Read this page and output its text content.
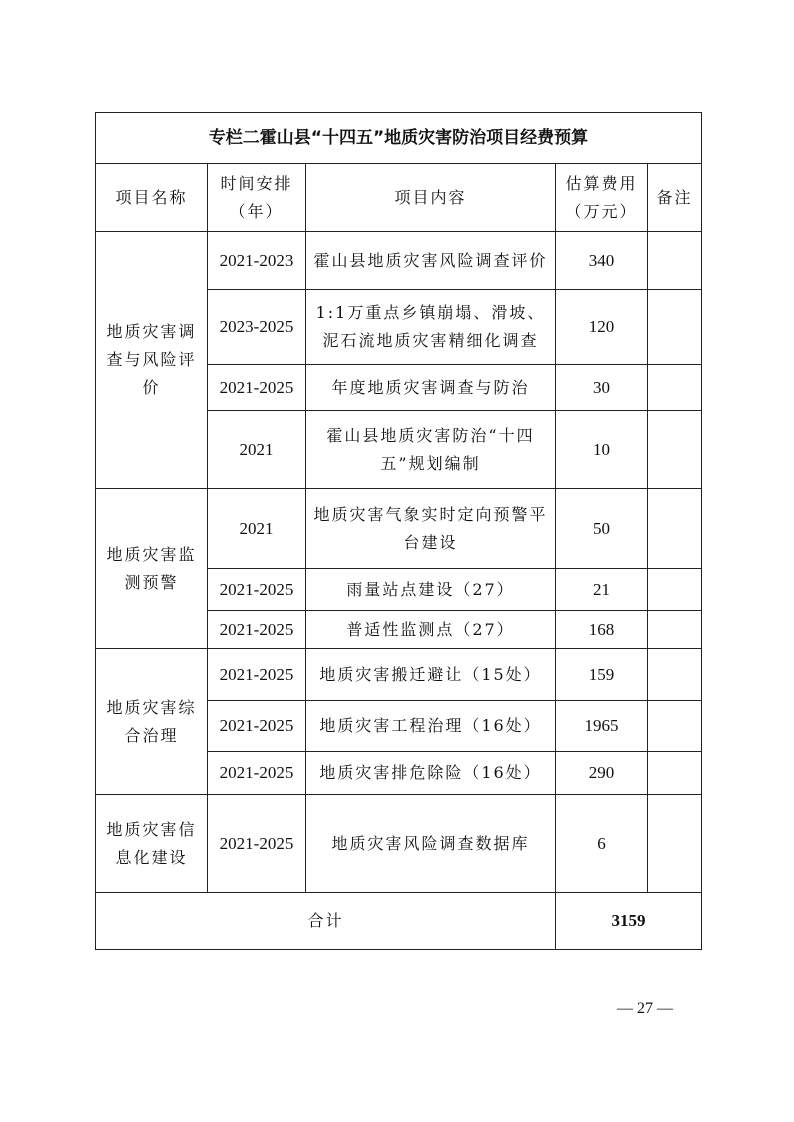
专栏二霍山县“十四五”地质灾害防治项目经费预算				
项目名称	时间安排（年）	项目内容	估算费用（万元）	备注
地质灾害调查与风险评价	2021-2023	霍山县地质灾害风险调查评价	340	
	2023-2025	1:1万重点乡镇崩塌、滑坡、泥石流地质灾害精细化调查	120	
	2021-2025	年度地质灾害调查与防治	30	
	2021	霍山县地质灾害防治“十四五”规划编制	10	
地质灾害监测预警	2021	地质灾害气象实时定向预警平台建设	50	
	2021-2025	雨量站点建设（27）	21	
	2021-2025	普适性监测点（27）	168	
地质灾害综合治理	2021-2025	地质灾害搬迁避让（15处）	159	
	2021-2025	地质灾害工程治理（16处）	1965	
	2021-2025	地质灾害排危除险（16处）	290	
地质灾害信息化建设	2021-2025	地质灾害风险调查数据库	6	
合计			3159	
— 27 —
